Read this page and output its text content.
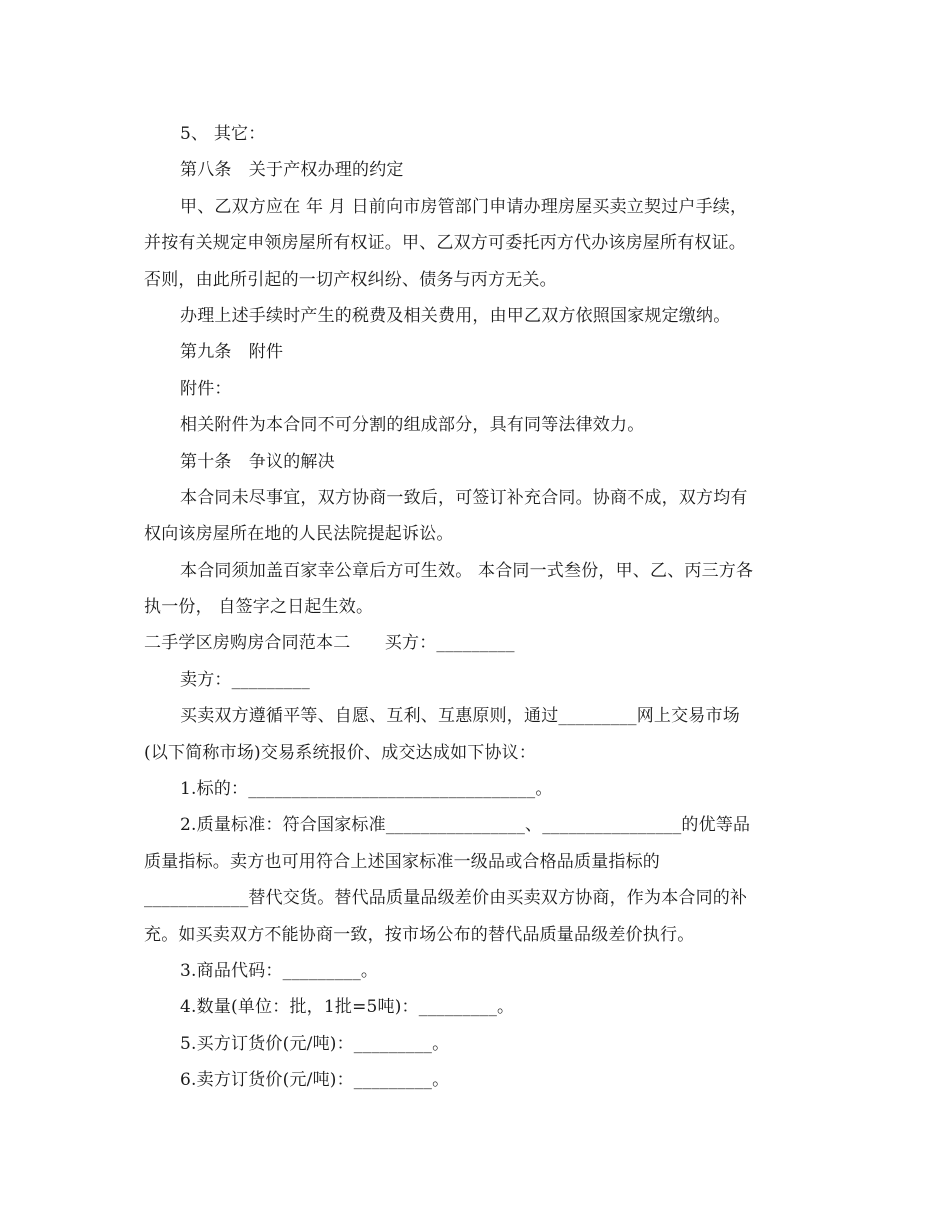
5、 其它：
第八条　关于产权办理的约定
甲、乙双方应在 年 月 日前向市房管部门申请办理房屋买卖立契过户手续，
并按有关规定申领房屋所有权证。甲、乙双方可委托丙方代办该房屋所有权证。
否则，由此所引起的一切产权纠纷、债务与丙方无关。
办理上述手续时产生的税费及相关费用，由甲乙双方依照国家规定缴纳。
第九条　附件
附件：
相关附件为本合同不可分割的组成部分，具有同等法律效力。
第十条　争议的解决
本合同未尽事宜，双方协商一致后，可签订补充合同。协商不成，双方均有
权向该房屋所在地的人民法院提起诉讼。
本合同须加盖百家幸公章后方可生效。 本合同一式叁份，甲、乙、丙三方各
执一份， 自签字之日起生效。
二手学区房购房合同范本二　　买方：_________
卖方：_________
买卖双方遵循平等、自愿、互利、互惠原则，通过_________网上交易市场
(以下简称市场)交易系统报价、成交达成如下协议：
1.标的：_________________________________。
2.质量标准：符合国家标准________________、________________的优等品
质量指标。卖方也可用符合上述国家标准一级品或合格品质量指标的
____________替代交货。替代品质量品级差价由买卖双方协商，作为本合同的补
充。如买卖双方不能协商一致，按市场公布的替代品质量品级差价执行。
3.商品代码：_________。
4.数量(单位：批，1批=5吨)：_________。
5.买方订货价(元/吨)：_________。
6.卖方订货价(元/吨)：_________。
